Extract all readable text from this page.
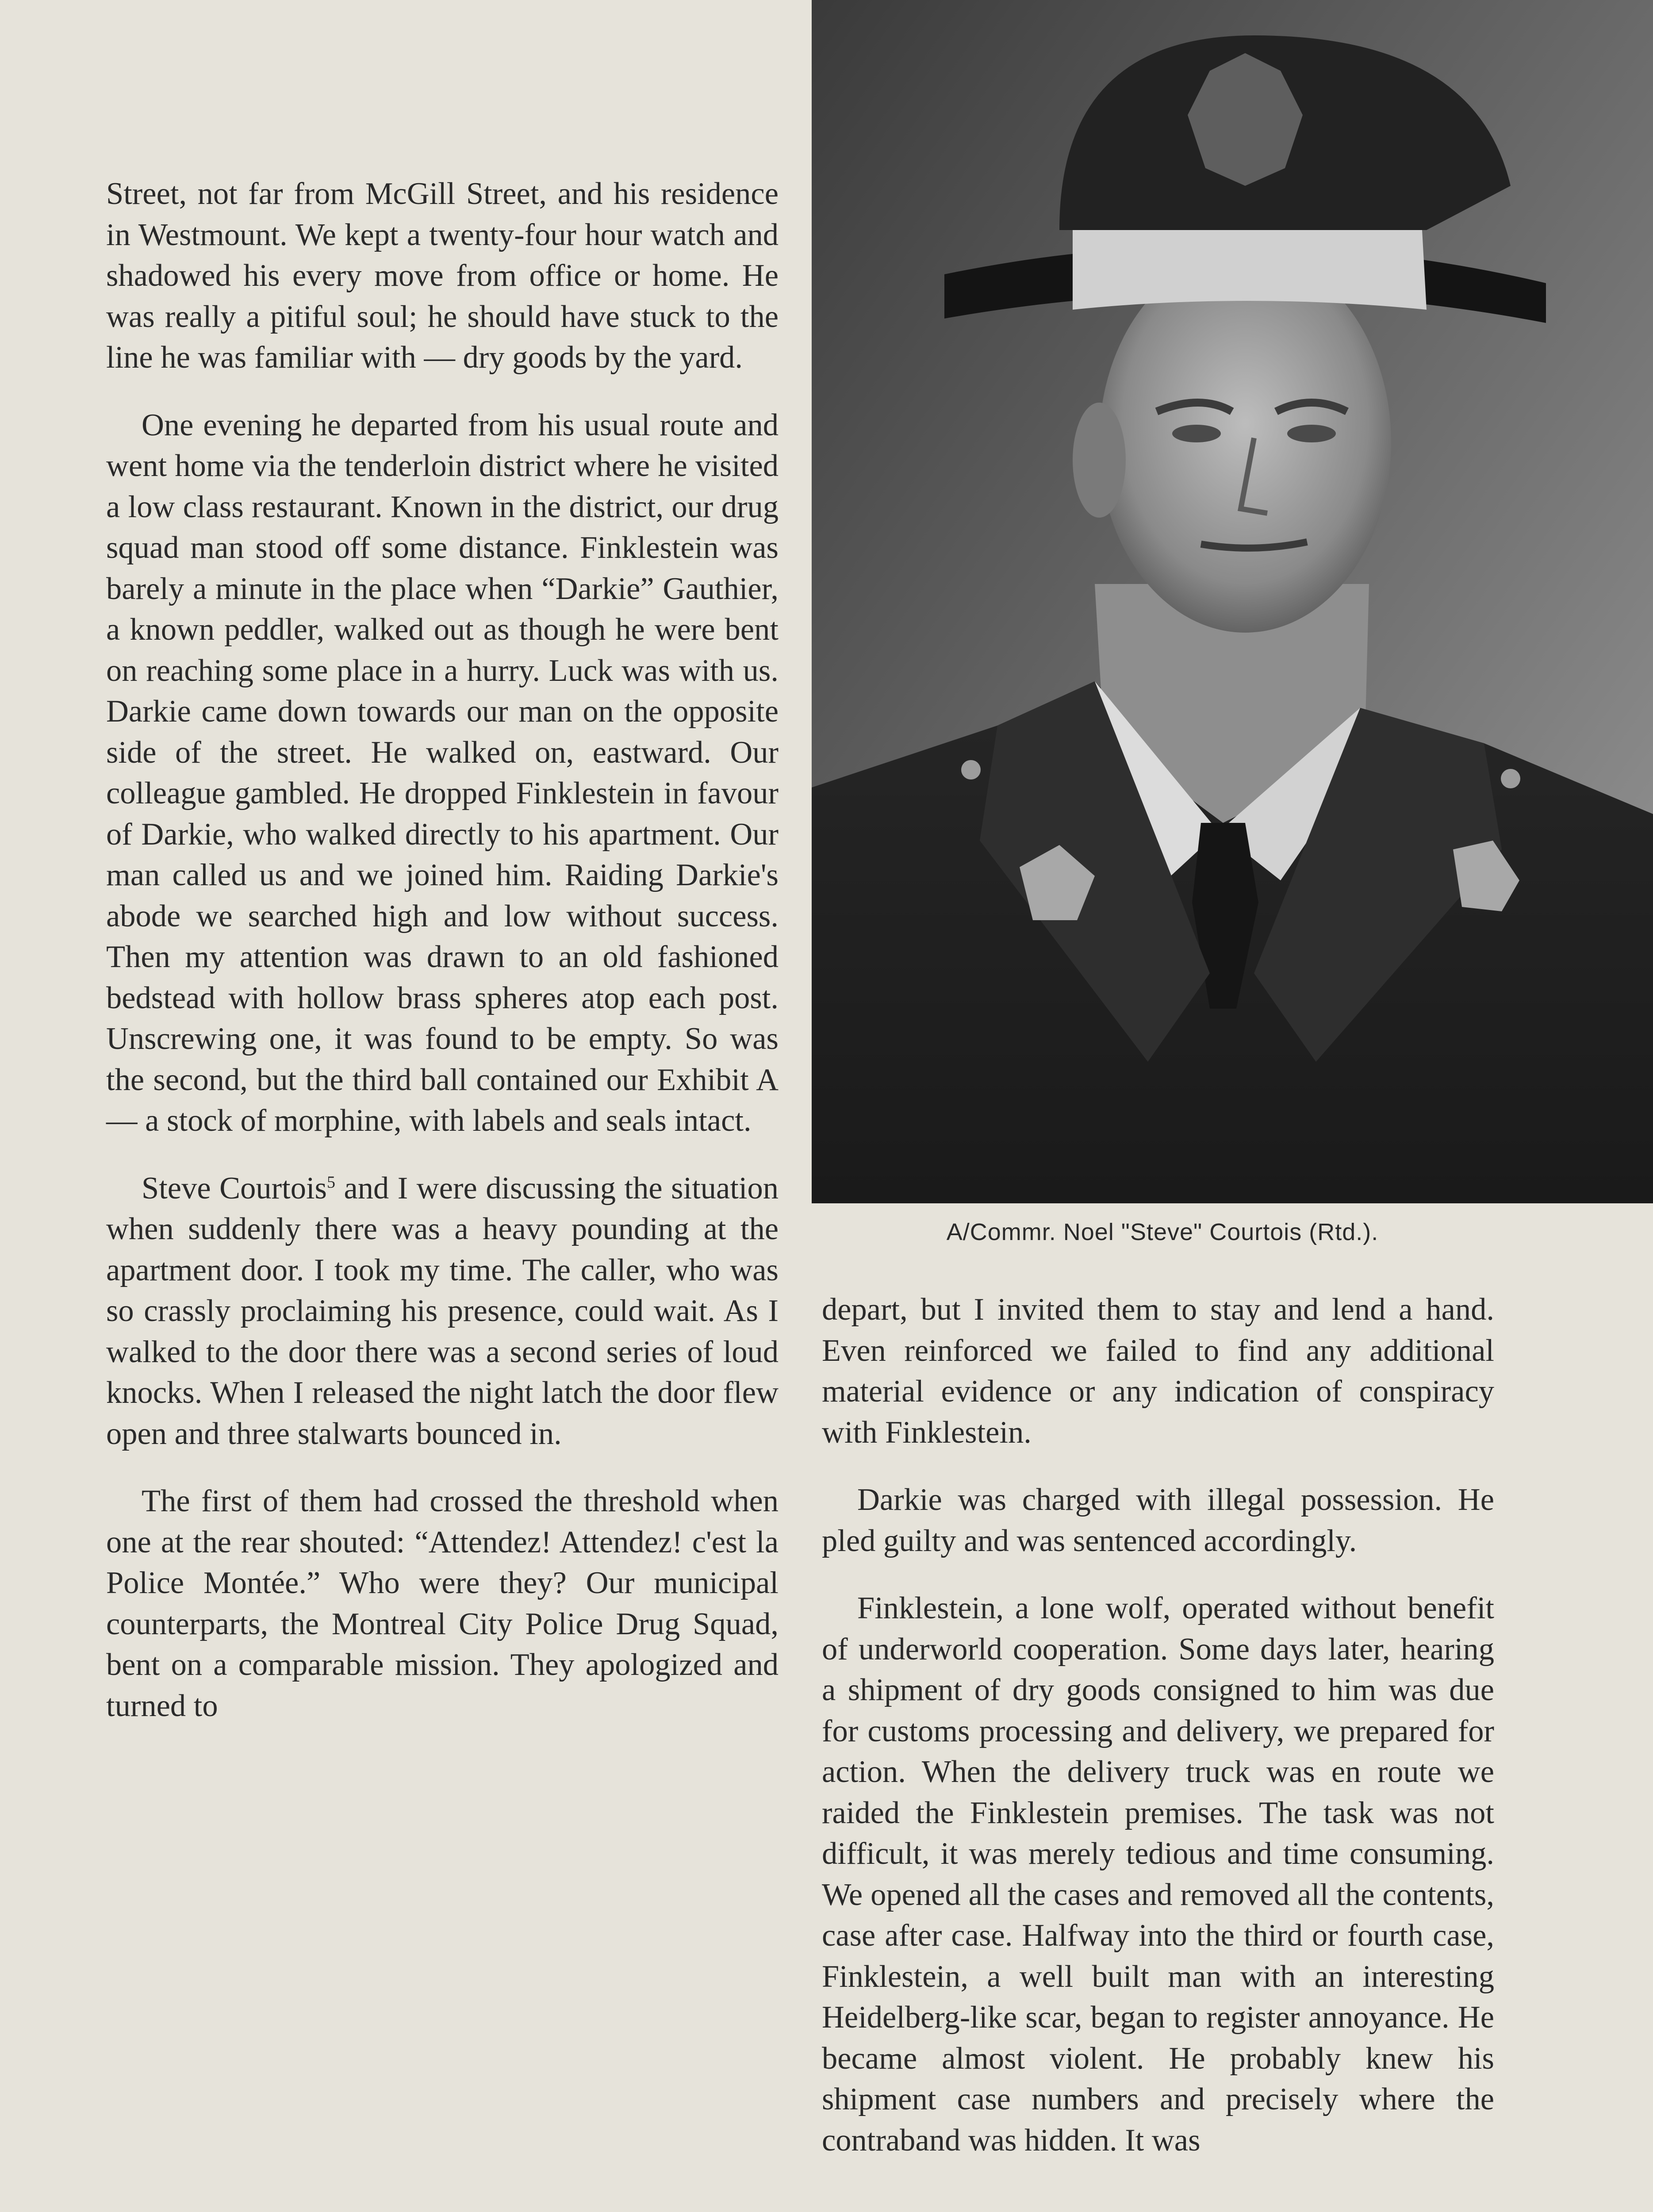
Street, not far from McGill Street, and his residence in Westmount. We kept a twenty-four hour watch and shadowed his every move from office or home. He was really a pitiful soul; he should have stuck to the line he was familiar with — dry goods by the yard.

One evening he departed from his usual route and went home via the tenderloin district where he visited a low class restaurant. Known in the district, our drug squad man stood off some distance. Finklestein was barely a minute in the place when “Darkie” Gauthier, a known peddler, walked out as though he were bent on reaching some place in a hurry. Luck was with us. Darkie came down towards our man on the opposite side of the street. He walked on, eastward. Our colleague gambled. He dropped Finklestein in favour of Darkie, who walked directly to his apartment. Our man called us and we joined him. Raiding Darkie's abode we searched high and low without success. Then my attention was drawn to an old fashioned bedstead with hollow brass spheres atop each post. Unscrewing one, it was found to be empty. So was the second, but the third ball contained our Exhibit A — a stock of morphine, with labels and seals intact.

Steve Courtois$^5$ and I were discussing the situation when suddenly there was a heavy pounding at the apartment door. I took my time. The caller, who was so crassly proclaiming his presence, could wait. As I walked to the door there was a second series of loud knocks. When I released the night latch the door flew open and three stalwarts bounced in.

The first of them had crossed the threshold when one at the rear shouted: “Attendez! Attendez! c'est la Police Montée.” Who were they? Our municipal counterparts, the Montreal City Police Drug Squad, bent on a comparable mission. They apologized and turned to

A/Commr. Noel "Steve" Courtois (Rtd.).

depart, but I invited them to stay and lend a hand. Even reinforced we failed to find any additional material evidence or any indication of conspiracy with Finklestein.

Darkie was charged with illegal possession. He pled guilty and was sentenced accordingly.

Finklestein, a lone wolf, operated without benefit of underworld cooperation. Some days later, hearing a shipment of dry goods consigned to him was due for customs processing and delivery, we prepared for action. When the delivery truck was en route we raided the Finklestein premises. The task was not difficult, it was merely tedious and time consuming. We opened all the cases and removed all the contents, case after case. Halfway into the third or fourth case, Finklestein, a well built man with an interesting Heidelberg-like scar, began to register annoyance. He became almost violent. He probably knew his shipment case numbers and precisely where the contraband was hidden. It was
